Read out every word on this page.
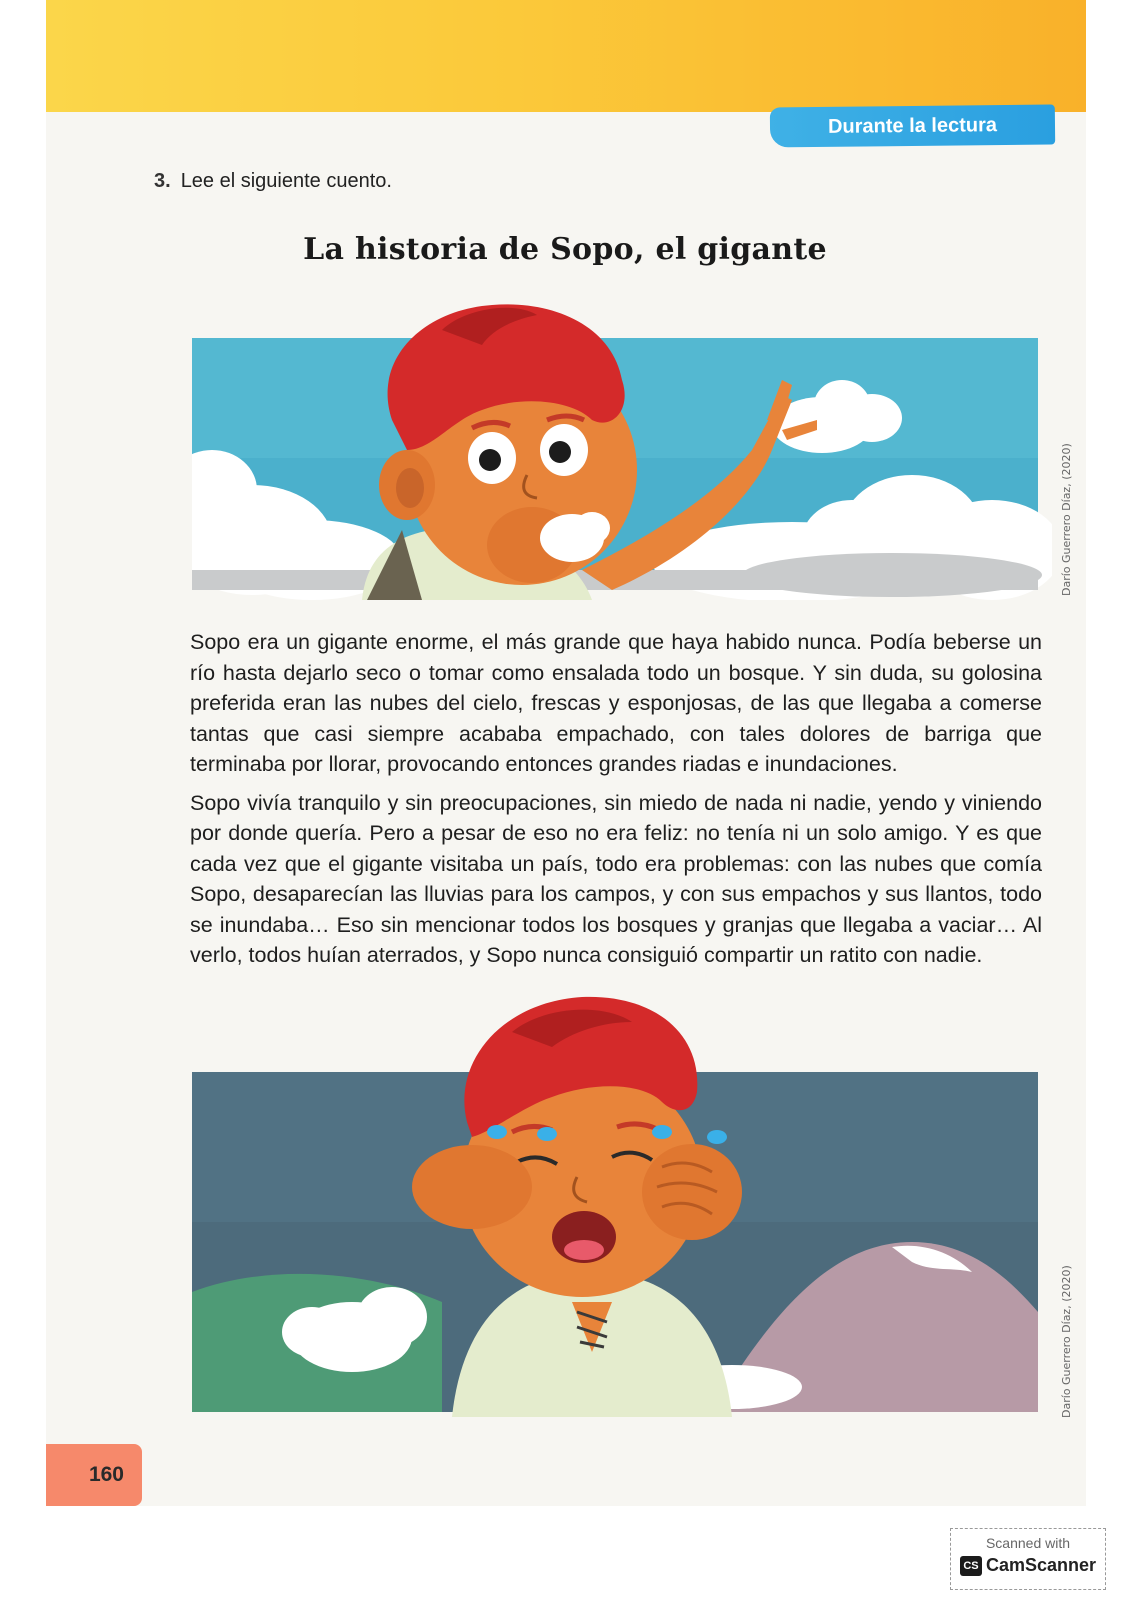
Durante la lectura
3. Lee el siguiente cuento.
La historia de Sopo, el gigante
Darío Guerrero Díaz, (2020)

Sopo era un gigante enorme, el más grande que haya habido nunca. Podía beberse un río hasta dejarlo seco o tomar como ensalada todo un bosque. Y sin duda, su golosina preferida eran las nubes del cielo, frescas y esponjosas, de las que llegaba a comerse tantas que casi siempre acababa empachado, con tales dolores de barriga que terminaba por llorar, provocando entonces grandes riadas e inundaciones.

Sopo vivía tranquilo y sin preocupaciones, sin miedo de nada ni nadie, yendo y viniendo por donde quería. Pero a pesar de eso no era feliz: no tenía ni un solo amigo. Y es que cada vez que el gigante visitaba un país, todo era problemas: con las nubes que comía Sopo, desaparecían las lluvias para los campos, y con sus empachos y sus llantos, todo se inundaba… Eso sin mencionar todos los bosques y granjas que llegaba a vaciar… Al verlo, todos huían aterrados, y Sopo nunca consiguió compartir un ratito con nadie.

Darío Guerrero Díaz, (2020)
160
Scanned with
CS CamScanner
